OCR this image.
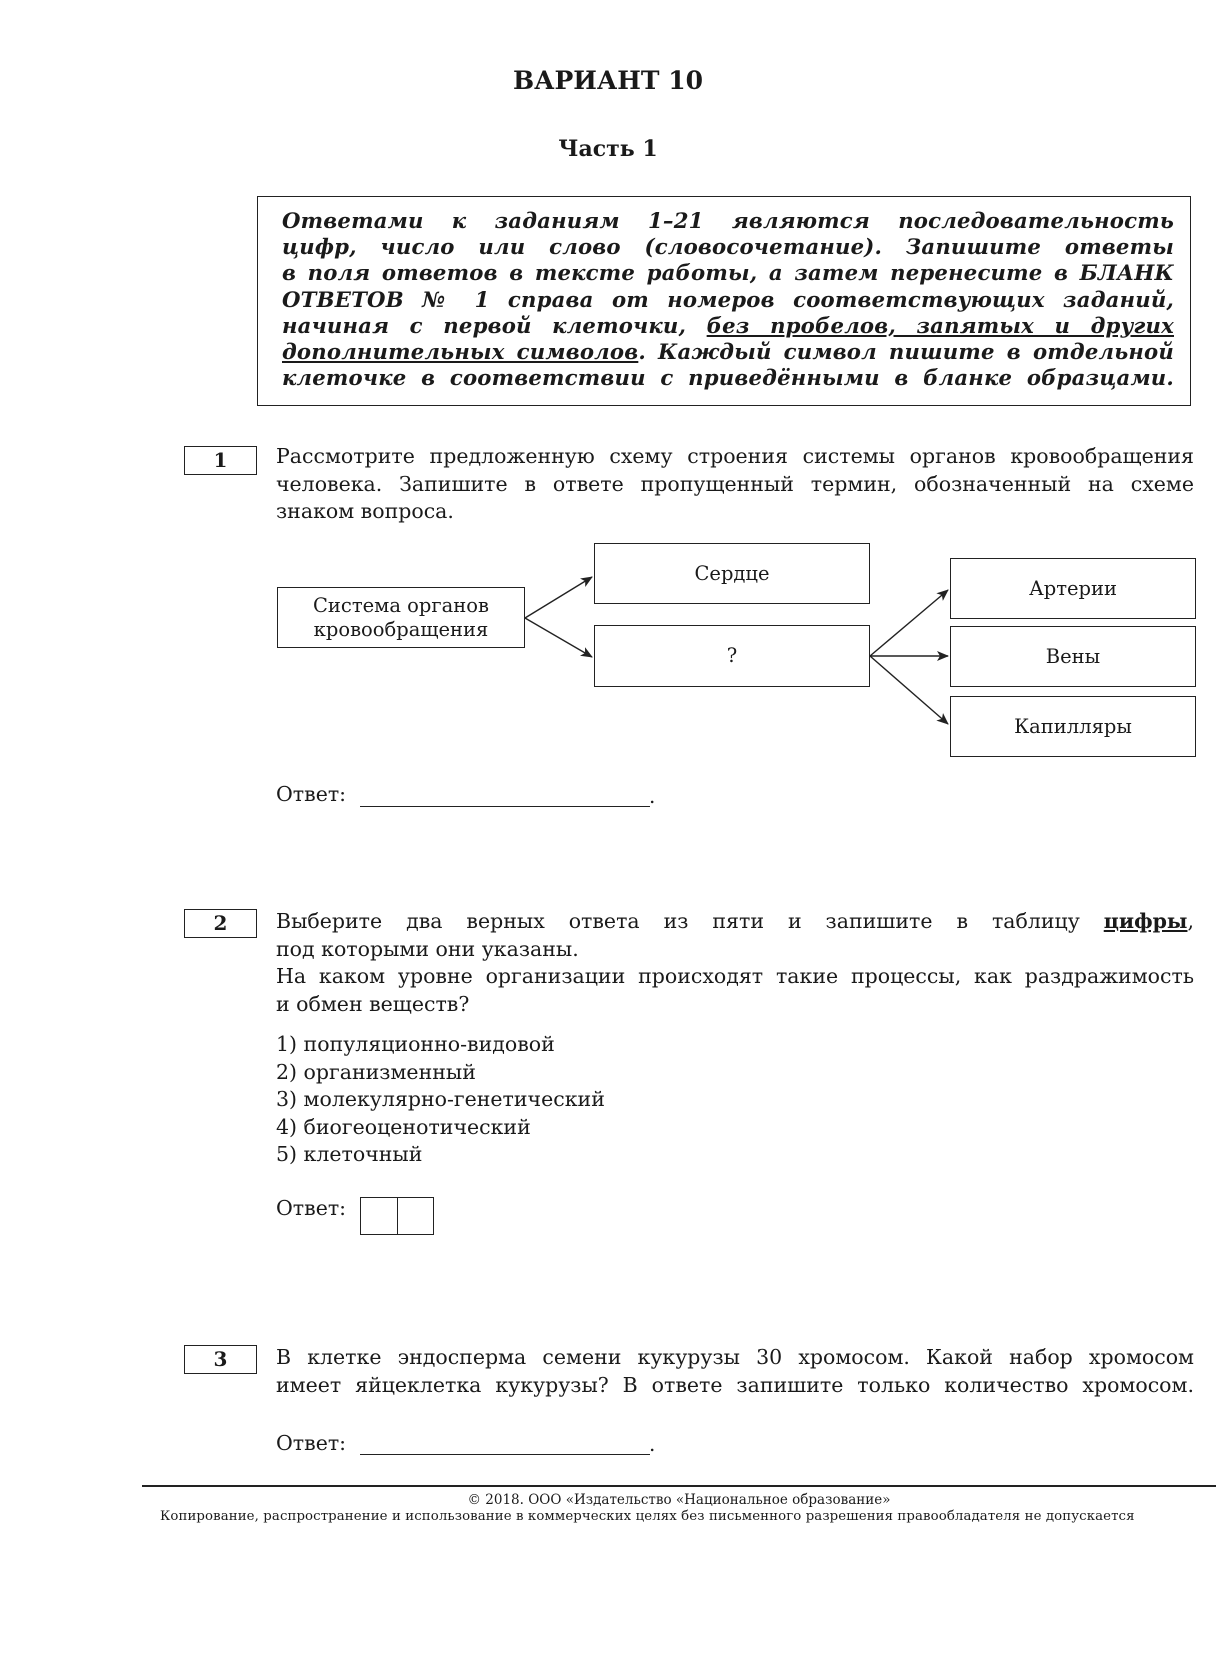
ВАРИАНТ 10
Часть 1

Ответами к заданиям 1–21 являются последовательность

цифр, число или слово (словосочетание). Запишите ответы

в поля ответов в тексте работы, а затем перенесите в БЛАНК

ОТВЕТОВ № 1 справа от номеров соответствующих заданий,

начиная с первой клеточки, без пробелов, запятых и других

дополнительных символов. Каждый символ пишите в отдельной

клеточке в соответствии с приведёнными в бланке образцами.

1	Рассмотрите предложенную схему строения системы органов кровообращения
человека. Запишите в ответе пропущенный термин, обозначенный на схеме
знаком вопроса.
Система органов
кровообращения
Сердце
?
Артерии
Вены
Капилляры
Ответ:	.
2	Выберите два верных ответа из пяти и запишите в таблицу цифры,
под которыми они указаны.
На каком уровне организации происходят такие процессы, как раздражимость
и обмен веществ?
1) популяционно-видовой
2) организменный
3) молекулярно-генетический
4) биогеоценотический
5) клеточный
Ответ:
3	В клетке эндосперма семени кукурузы 30 хромосом. Какой набор хромосом
имеет яйцеклетка кукурузы? В ответе запишите только количество хромосом.
Ответ:	.
© 2018. ООО «Издательство «Национальное образование»
Копирование, распространение и использование в коммерческих целях без письменного разрешения правообладателя не допускается
